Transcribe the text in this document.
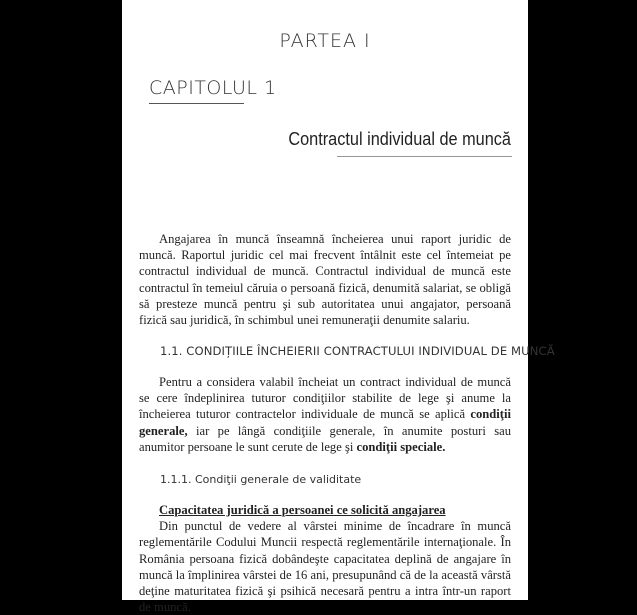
PARTEA I
CAPITOLUL 1
Contractul individual de muncă
Angajarea în muncă înseamnă încheierea unui raport juridic de muncă. Raportul juridic cel mai frecvent întâlnit este cel întemeiat pe contractul individual de muncă. Contractul individual de muncă este contractul în temeiul căruia o persoană fizică, denumită salariat, se obligă să presteze muncă pentru şi sub autoritatea unui angajator, persoană fizică sau juridică, în schimbul unei remuneraţii denumite salariu.
1.1. CONDIȚIILE ÎNCHEIERII CONTRACTULUI INDIVIDUAL DE MUNCĂ
Pentru a considera valabil încheiat un contract individual de muncă se cere îndeplinirea tuturor condiţiilor stabilite de lege şi anume la încheierea tuturor contractelor individuale de muncă se aplică condiţii generale, iar pe lângă condiţiile generale, în anumite posturi sau anumitor persoane le sunt cerute de lege şi condiţii speciale.
1.1.1. Condiţii generale de validitate
Capacitatea juridică a persoanei ce solicită angajarea
Din punctul de vedere al vârstei minime de încadrare în muncă reglementările Codului Muncii respectă reglementările internaţionale. În România persoana fizică dobândeşte capacitatea deplină de angajare în muncă la împlinirea vârstei de 16 ani, presupunând că de la această vârstă deţine maturitatea fizică şi psihică necesară pentru a intra într-un raport de muncă.
